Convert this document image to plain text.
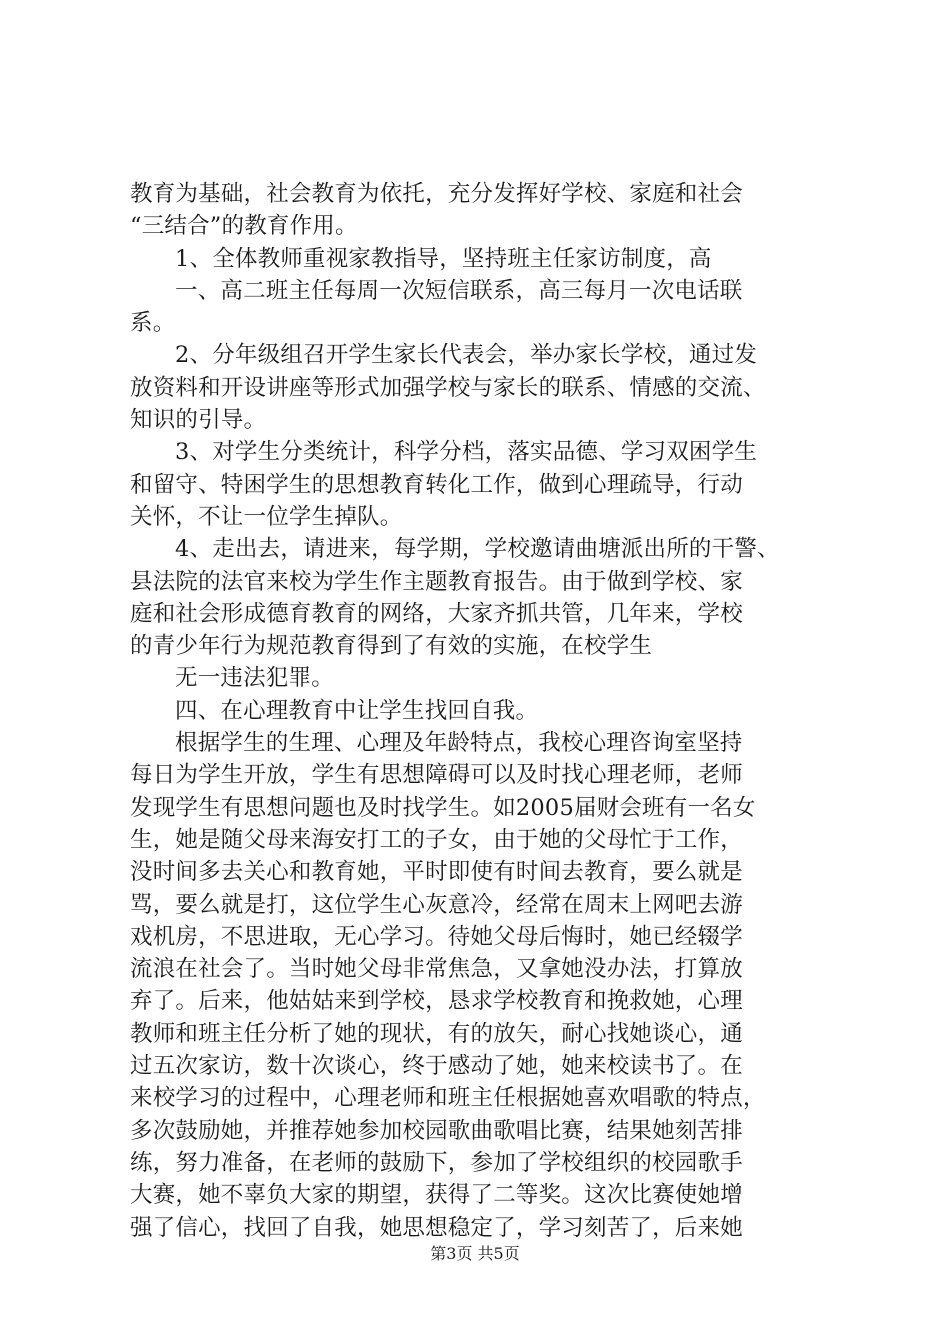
教育为基础，社会教育为依托，充分发挥好学校、家庭和社会
“三结合”的教育作用。
1、全体教师重视家教指导，坚持班主任家访制度，高
一、高二班主任每周一次短信联系，高三每月一次电话联
系。
2、分年级组召开学生家长代表会，举办家长学校，通过发
放资料和开设讲座等形式加强学校与家长的联系、情感的交流、
知识的引导。
3、对学生分类统计，科学分档，落实品德、学习双困学生
和留守、特困学生的思想教育转化工作，做到心理疏导，行动
关怀，不让一位学生掉队。
4、走出去，请进来，每学期，学校邀请曲塘派出所的干警、
县法院的法官来校为学生作主题教育报告。由于做到学校、家
庭和社会形成德育教育的网络，大家齐抓共管，几年来，学校
的青少年行为规范教育得到了有效的实施，在校学生
无一违法犯罪。
四、在心理教育中让学生找回自我。
根据学生的生理、心理及年龄特点，我校心理咨询室坚持
每日为学生开放，学生有思想障碍可以及时找心理老师，老师
发现学生有思想问题也及时找学生。如2005届财会班有一名女
生，她是随父母来海安打工的子女，由于她的父母忙于工作，
没时间多去关心和教育她，平时即使有时间去教育，要么就是
骂，要么就是打，这位学生心灰意冷，经常在周末上网吧去游
戏机房，不思进取，无心学习。待她父母后悔时，她已经辍学
流浪在社会了。当时她父母非常焦急，又拿她没办法，打算放
弃了。后来，他姑姑来到学校，恳求学校教育和挽救她，心理
教师和班主任分析了她的现状，有的放矢，耐心找她谈心，通
过五次家访，数十次谈心，终于感动了她，她来校读书了。在
来校学习的过程中，心理老师和班主任根据她喜欢唱歌的特点，
多次鼓励她，并推荐她参加校园歌曲歌唱比赛，结果她刻苦排
练，努力准备，在老师的鼓励下，参加了学校组织的校园歌手
大赛，她不辜负大家的期望，获得了二等奖。这次比赛使她增
强了信心，找回了自我，她思想稳定了，学习刻苦了，后来她
第3页 共5页
